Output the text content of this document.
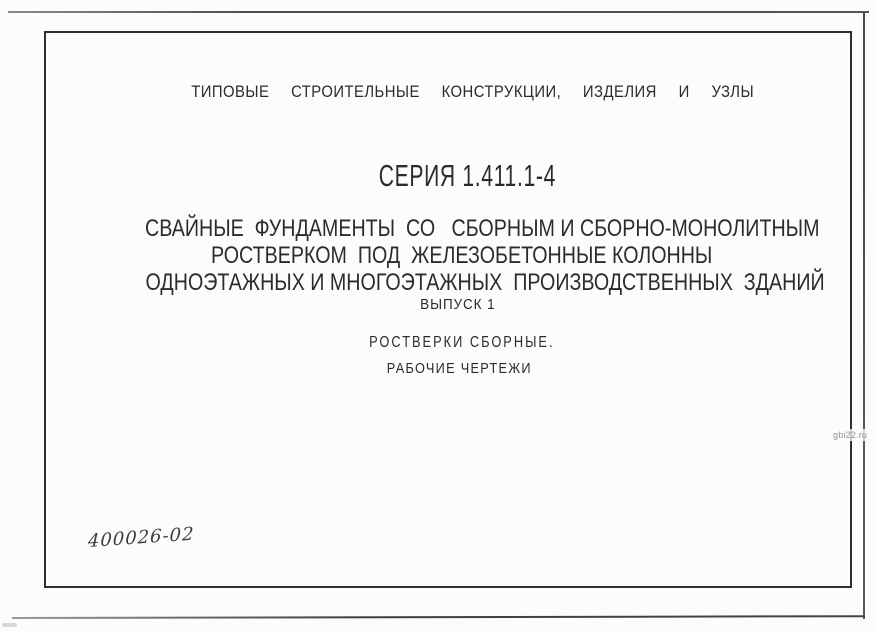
ТИПОВЫЕ  СТРОИТЕЛЬНЫЕ  КОНСТРУКЦИИ,  ИЗДЕЛИЯ  И  УЗЛЫ

СЕРИЯ 1.411.1-4

СВАЙНЫЕ  ФУНДАМЕНТЫ  СО   СБОРНЫМ И СБОРНО-МОНОЛИТНЫМ

РОСТВЕРКОМ  ПОД  ЖЕЛЕЗОБЕТОННЫЕ КОЛОННЫ

ОДНОЭТАЖНЫХ И МНОГОЭТАЖНЫХ  ПРОИЗВОДСТВЕННЫХ  ЗДАНИЙ

ВЫПУСК 1

РОСТВЕРКИ СБОРНЫЕ.

РАБОЧИЕ ЧЕРТЕЖИ

400026-02
gbi22.ru
